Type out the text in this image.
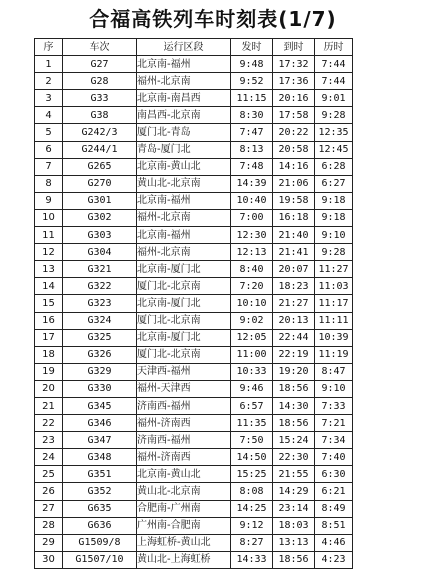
合福高铁列车时刻表(1/7)
序	车次	运行区段	发时	到时	历时
1	G27	北京南-福州	9:48	17:32	7:44
2	G28	福州-北京南	9:52	17:36	7:44
3	G33	北京南-南昌西	11:15	20:16	9:01
4	G38	南昌西-北京南	8:30	17:58	9:28
5	G242/3	厦门北-青岛	7:47	20:22	12:35
6	G244/1	青岛-厦门北	8:13	20:58	12:45
7	G265	北京南-黄山北	7:48	14:16	6:28
8	G270	黄山北-北京南	14:39	21:06	6:27
9	G301	北京南-福州	10:40	19:58	9:18
10	G302	福州-北京南	7:00	16:18	9:18
11	G303	北京南-福州	12:30	21:40	9:10
12	G304	福州-北京南	12:13	21:41	9:28
13	G321	北京南-厦门北	8:40	20:07	11:27
14	G322	厦门北-北京南	7:20	18:23	11:03
15	G323	北京南-厦门北	10:10	21:27	11:17
16	G324	厦门北-北京南	9:02	20:13	11:11
17	G325	北京南-厦门北	12:05	22:44	10:39
18	G326	厦门北-北京南	11:00	22:19	11:19
19	G329	天津西-福州	10:33	19:20	8:47
20	G330	福州-天津西	9:46	18:56	9:10
21	G345	济南西-福州	6:57	14:30	7:33
22	G346	福州-济南西	11:35	18:56	7:21
23	G347	济南西-福州	7:50	15:24	7:34
24	G348	福州-济南西	14:50	22:30	7:40
25	G351	北京南-黄山北	15:25	21:55	6:30
26	G352	黄山北-北京南	8:08	14:29	6:21
27	G635	合肥南-广州南	14:25	23:14	8:49
28	G636	广州南-合肥南	9:12	18:03	8:51
29	G1509/8	上海虹桥-黄山北	8:27	13:13	4:46
30	G1507/10	黄山北-上海虹桥	14:33	18:56	4:23
